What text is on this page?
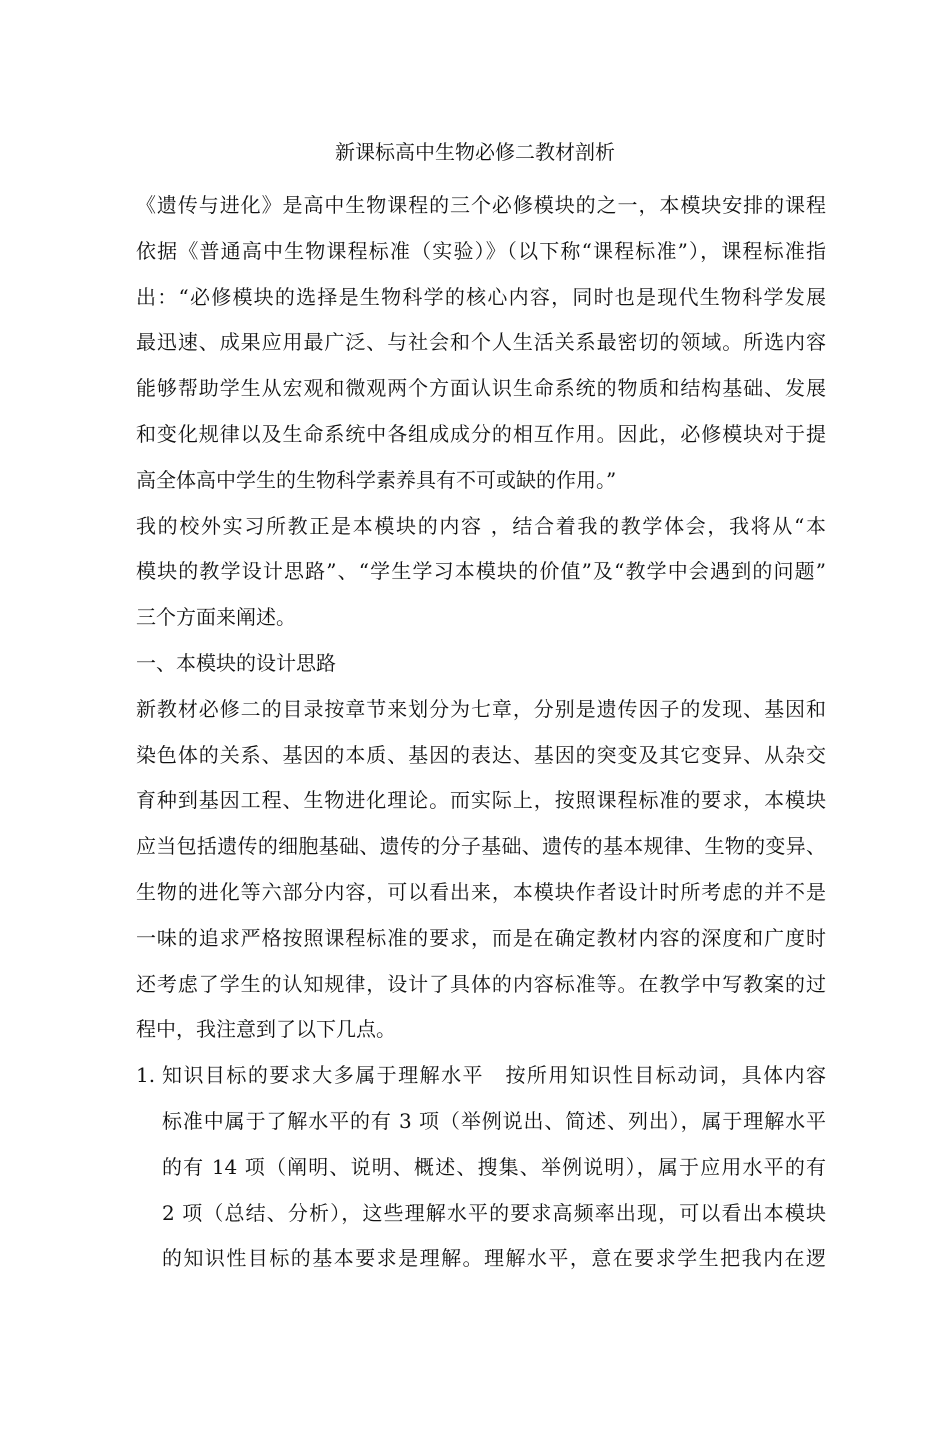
新课标高中生物必修二教材剖析
《遗传与进化》是高中生物课程的三个必修模块的之一，本模块安排的课程
依据《普通高中生物课程标准（实验）》（以下称“课程标准”），课程标准指
出：“必修模块的选择是生物科学的核心内容，同时也是现代生物科学发展
最迅速、成果应用最广泛、与社会和个人生活关系最密切的领域。所选内容
能够帮助学生从宏观和微观两个方面认识生命系统的物质和结构基础、发展
和变化规律以及生命系统中各组成成分的相互作用。因此，必修模块对于提
高全体高中学生的生物科学素养具有不可或缺的作用。”
我的校外实习所教正是本模块的内容 ，结合着我的教学体会，我将从“本
模块的教学设计思路”、“学生学习本模块的价值”及“教学中会遇到的问题”
三个方面来阐述。
一、本模块的设计思路
新教材必修二的目录按章节来划分为七章，分别是遗传因子的发现、基因和
染色体的关系、基因的本质、基因的表达、基因的突变及其它变异、从杂交
育种到基因工程、生物进化理论。而实际上，按照课程标准的要求，本模块
应当包括遗传的细胞基础、遗传的分子基础、遗传的基本规律、生物的变异、
生物的进化等六部分内容，可以看出来，本模块作者设计时所考虑的并不是
一味的追求严格按照课程标准的要求，而是在确定教材内容的深度和广度时
还考虑了学生的认知规律，设计了具体的内容标准等。在教学中写教案的过
程中，我注意到了以下几点。
1. 知识目标的要求大多属于理解水平　按所用知识性目标动词，具体内容
标准中属于了解水平的有 3 项（举例说出、简述、列出），属于理解水平
的有 14 项（阐明、说明、概述、搜集、举例说明），属于应用水平的有
2 项（总结、分析），这些理解水平的要求高频率出现，可以看出本模块
的知识性目标的基本要求是理解。理解水平，意在要求学生把我内在逻
